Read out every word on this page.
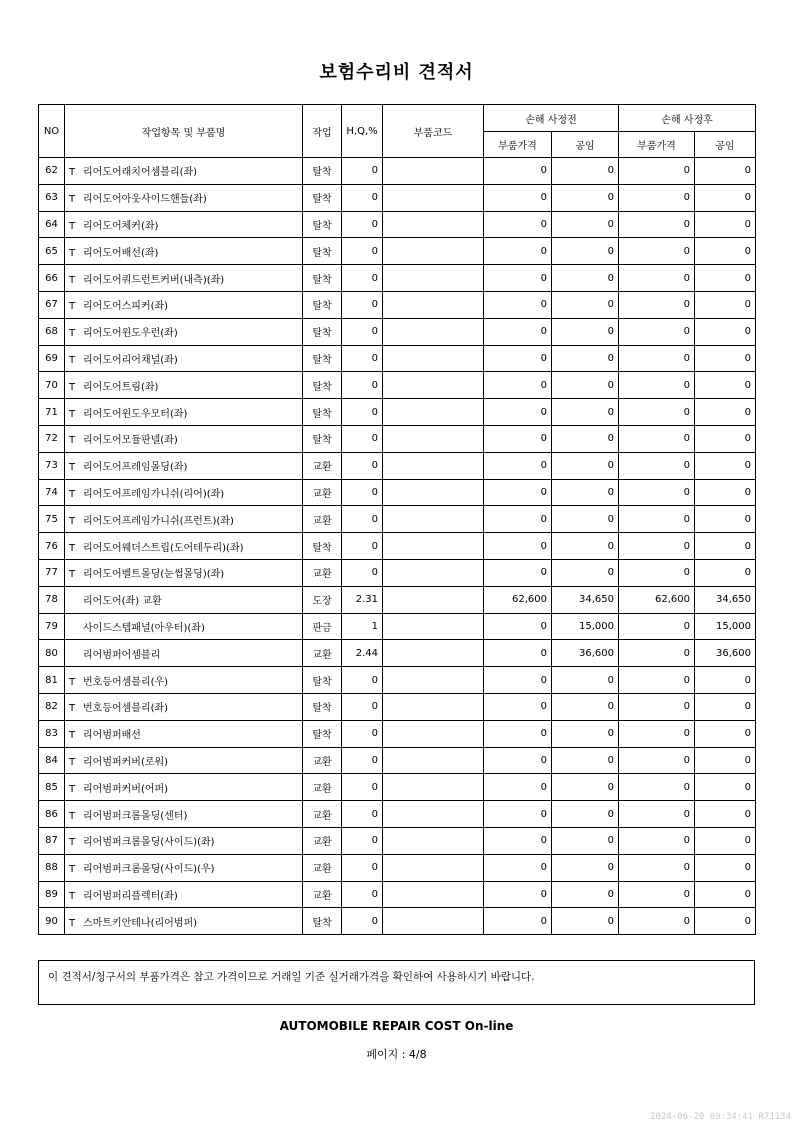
보험수리비 견적서
NO	작업항목 및 부품명	작업	H,Q,%	부품코드	손해 사정전		손해 사정후	
					부품가격	공임	부품가격	공임
62	T 리어도어래치어셈블리(좌)	탈착	0		0	0	0	0
63	T 리어도어아웃사이드핸들(좌)	탈착	0		0	0	0	0
64	T 리어도어체커(좌)	탈착	0		0	0	0	0
65	T 리어도어배선(좌)	탈착	0		0	0	0	0
66	T 리어도어쿼드런트커버(내측)(좌)	탈착	0		0	0	0	0
67	T 리어도어스피커(좌)	탈착	0		0	0	0	0
68	T 리어도어윈도우런(좌)	탈착	0		0	0	0	0
69	T 리어도어리어채널(좌)	탈착	0		0	0	0	0
70	T 리어도어트림(좌)	탈착	0		0	0	0	0
71	T 리어도어윈도우모터(좌)	탈착	0		0	0	0	0
72	T 리어도어모듈판넬(좌)	탈착	0		0	0	0	0
73	T 리어도어프레임몰딩(좌)	교환	0		0	0	0	0
74	T 리어도어프레임가니쉬(리어)(좌)	교환	0		0	0	0	0
75	T 리어도어프레임가니쉬(프런트)(좌)	교환	0		0	0	0	0
76	T 리어도어웨더스트립(도어테두리)(좌)	탈착	0		0	0	0	0
77	T 리어도어벨트몰딩(눈썹몰딩)(좌)	교환	0		0	0	0	0
78	리어도어(좌) 교환	도장	2.31		62,600	34,650	62,600	34,650
79	사이드스텝패널(아우터)(좌)	판금	1		0	15,000	0	15,000
80	리어범퍼어셈블리	교환	2.44		0	36,600	0	36,600
81	T 번호등어셈블리(우)	탈착	0		0	0	0	0
82	T 번호등어셈블리(좌)	탈착	0		0	0	0	0
83	T 리어범퍼배선	탈착	0		0	0	0	0
84	T 리어범퍼커버(로워)	교환	0		0	0	0	0
85	T 리어범퍼커버(어퍼)	교환	0		0	0	0	0
86	T 리어범퍼크롬몰딩(센터)	교환	0		0	0	0	0
87	T 리어범퍼크롬몰딩(사이드)(좌)	교환	0		0	0	0	0
88	T 리어범퍼크롬몰딩(사이드)(우)	교환	0		0	0	0	0
89	T 리어범퍼리플렉터(좌)	교환	0		0	0	0	0
90	T 스마트키안테나(리어범퍼)	탈착	0		0	0	0	0
이 견적서/청구서의 부품가격은 참고 가격이므로 거래일 기준 실거래가격을 확인하여 사용하시기 바랍니다.
AUTOMOBILE REPAIR COST On-line
페이지 : 4/8
2024-06-20 09:34:41 R71134
